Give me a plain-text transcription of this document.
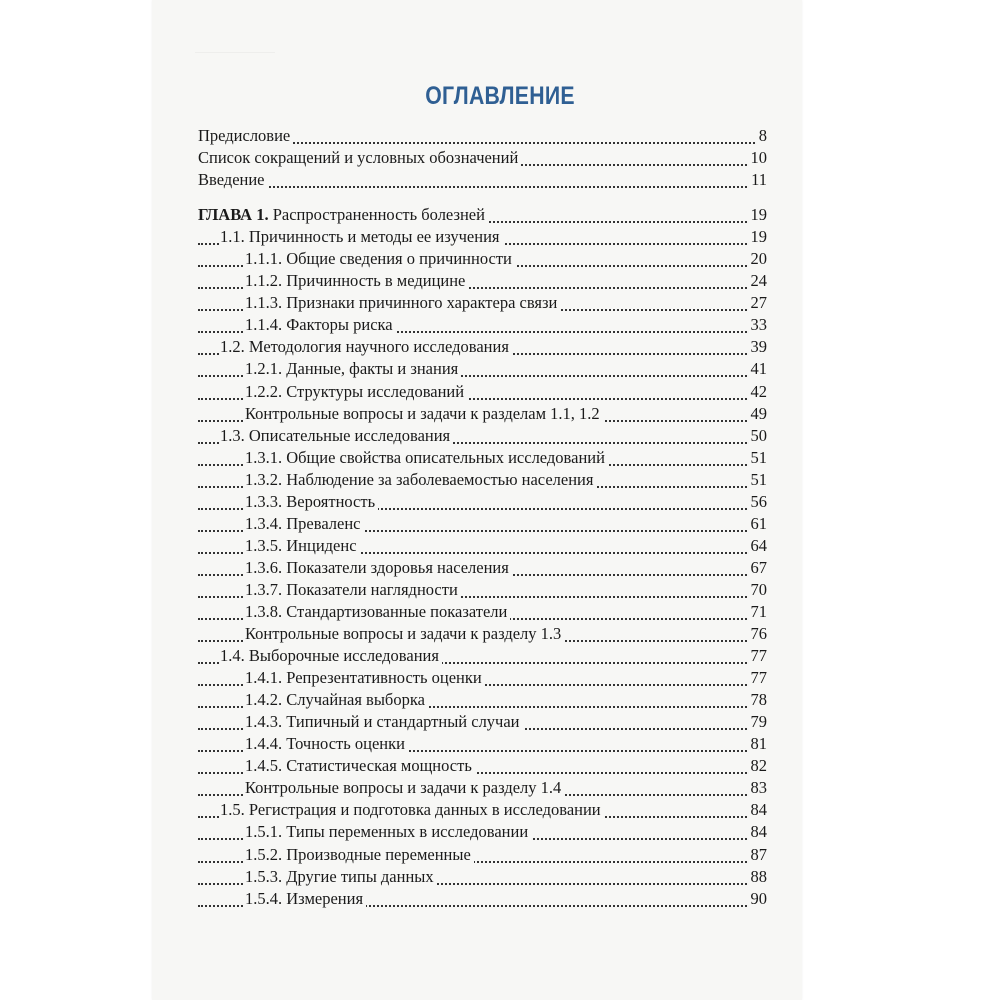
ОГЛАВЛЕНИЕ
Предисловие	8
Список сокращений и условных обозначений	10
Введение	11
ГЛАВА 1. Распространенность болезней	19
1.1. Причинность и методы ее изучения	19
1.1.1. Общие сведения о причинности	20
1.1.2. Причинность в медицине	24
1.1.3. Признаки причинного характера связи	27
1.1.4. Факторы риска	33
1.2. Методология научного исследования	39
1.2.1. Данные, факты и знания	41
1.2.2. Структуры исследований	42
Контрольные вопросы и задачи к разделам 1.1, 1.2	49
1.3. Описательные исследования	50
1.3.1. Общие свойства описательных исследований	51
1.3.2. Наблюдение за заболеваемостью населения	51
1.3.3. Вероятность	56
1.3.4. Преваленс	61
1.3.5. Инциденс	64
1.3.6. Показатели здоровья населения	67
1.3.7. Показатели наглядности	70
1.3.8. Стандартизованные показатели	71
Контрольные вопросы и задачи к разделу 1.3	76
1.4. Выборочные исследования	77
1.4.1. Репрезентативность оценки	77
1.4.2. Случайная выборка	78
1.4.3. Типичный и стандартный случаи	79
1.4.4. Точность оценки	81
1.4.5. Статистическая мощность	82
Контрольные вопросы и задачи к разделу 1.4	83
1.5. Регистрация и подготовка данных в исследовании	84
1.5.1. Типы переменных в исследовании	84
1.5.2. Производные переменные	87
1.5.3. Другие типы данных	88
1.5.4. Измерения	90
